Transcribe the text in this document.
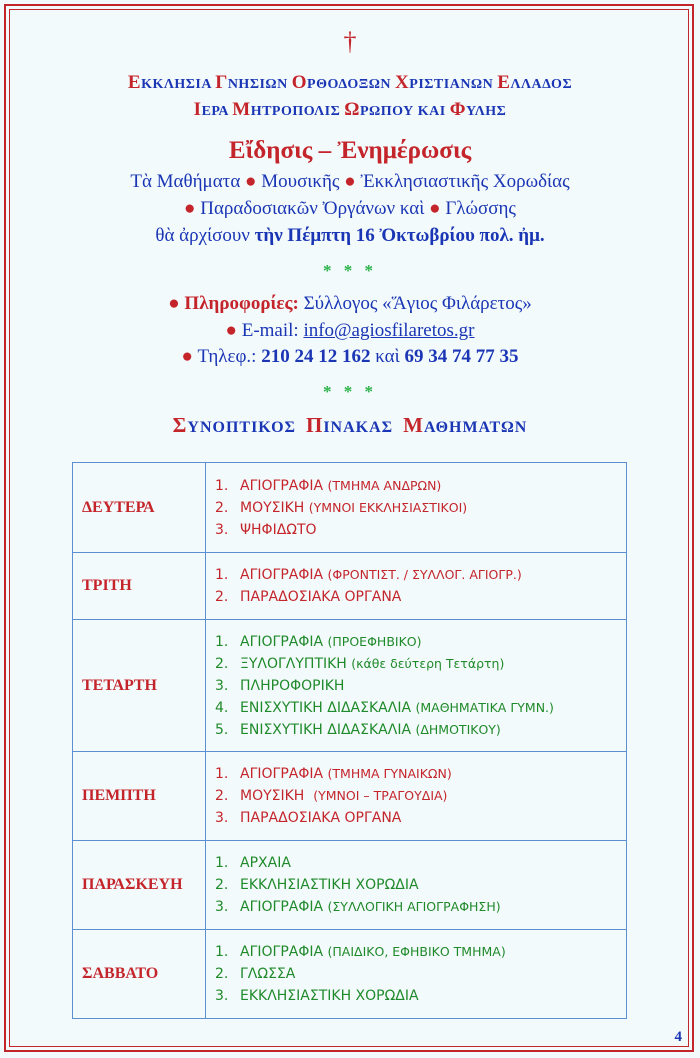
†
ΕΚΚΛΗΣΙΑ ΓΝΗΣΙΩΝ ΟΡΘΟΔΟΞΩΝ ΧΡΙΣΤΙΑΝΩΝ ΕΛΛΑΔΟΣ
ΙΕΡΑ ΜΗΤΡΟΠΟΛΙΣ ΩΡΩΠΟΥ ΚΑΙ ΦΥΛΗΣ
Εἴδησις – Ἐνημέρωσις
Τὰ Μαθήματα ● Μουσικῆς ● Ἐκκλησιαστικῆς Χορωδίας
● Παραδοσιακῶν Ὀργάνων καὶ ● Γλώσσης
θὰ ἀρχίσουν τὴν Πέμπτη 16 Ὀκτωβρίου πολ. ἠμ.
* * *
● Πληροφορίες: Σύλλογος «Ἅγιος Φιλάρετος»
● E-mail: info@agiosfilaretos.gr
● Τηλεφ.: 210 24 12 162 καὶ 69 34 74 77 35
* * *
ΣΥΝΟΠΤΙΚΟΣ  ΠΙΝΑΚΑΣ  ΜΑΘΗΜΑΤΩΝ
ΔΕΥΤΕΡΑ	1. ΑΓΙΟΓΡΑΦΙΑ (ΤΜΗΜΑ ΑΝΔΡΩΝ)
2. ΜΟΥΣΙΚΗ (ΥΜΝΟΙ ΕΚΚΛΗΣΙΑΣΤΙΚΟΙ)
3. ΨΗΦΙΔΩΤΟ

ΤΡΙΤΗ	1. ΑΓΙΟΓΡΑΦΙΑ (ΦΡΟΝΤΙΣΤ. / ΣΥΛΛΟΓ. ΑΓΙΟΓΡ.)
2. ΠΑΡΑΔΟΣΙΑΚΑ ΟΡΓΑΝΑ

ΤΕΤΑΡΤΗ	1. ΑΓΙΟΓΡΑΦΙΑ (ΠΡΟΕΦΗΒΙΚΟ)
2. ΞΥΛΟΓΛΥΠΤΙΚΗ (κάθε δεύτερη Τετάρτη)
3. ΠΛΗΡΟΦΟΡΙΚΗ
4. ΕΝΙΣΧΥΤΙΚΗ ΔΙΔΑΣΚΑΛΙΑ (ΜΑΘΗΜΑΤΙΚΑ ΓΥΜΝ.)
5. ΕΝΙΣΧΥΤΙΚΗ ΔΙΔΑΣΚΑΛΙΑ (ΔΗΜΟΤΙΚΟΥ)

ΠΕΜΠΤΗ	1. ΑΓΙΟΓΡΑΦΙΑ (ΤΜΗΜΑ ΓΥΝΑΙΚΩΝ)
2. ΜΟΥΣΙΚΗ  (ΥΜΝΟΙ – ΤΡΑΓΟΥΔΙΑ)
3. ΠΑΡΑΔΟΣΙΑΚΑ ΟΡΓΑΝΑ

ΠΑΡΑΣΚΕΥΗ	1. ΑΡΧΑΙΑ
2. ΕΚΚΛΗΣΙΑΣΤΙΚΗ ΧΟΡΩΔΙΑ
3. ΑΓΙΟΓΡΑΦΙΑ (ΣΥΛΛΟΓΙΚΗ ΑΓΙΟΓΡΑΦΗΣΗ)

ΣΑΒΒΑΤΟ	1. ΑΓΙΟΓΡΑΦΙΑ (ΠΑΙΔΙΚΟ, ΕΦΗΒΙΚΟ ΤΜΗΜΑ)
2. ΓΛΩΣΣΑ
3. ΕΚΚΛΗΣΙΑΣΤΙΚΗ ΧΟΡΩΔΙΑ
4
